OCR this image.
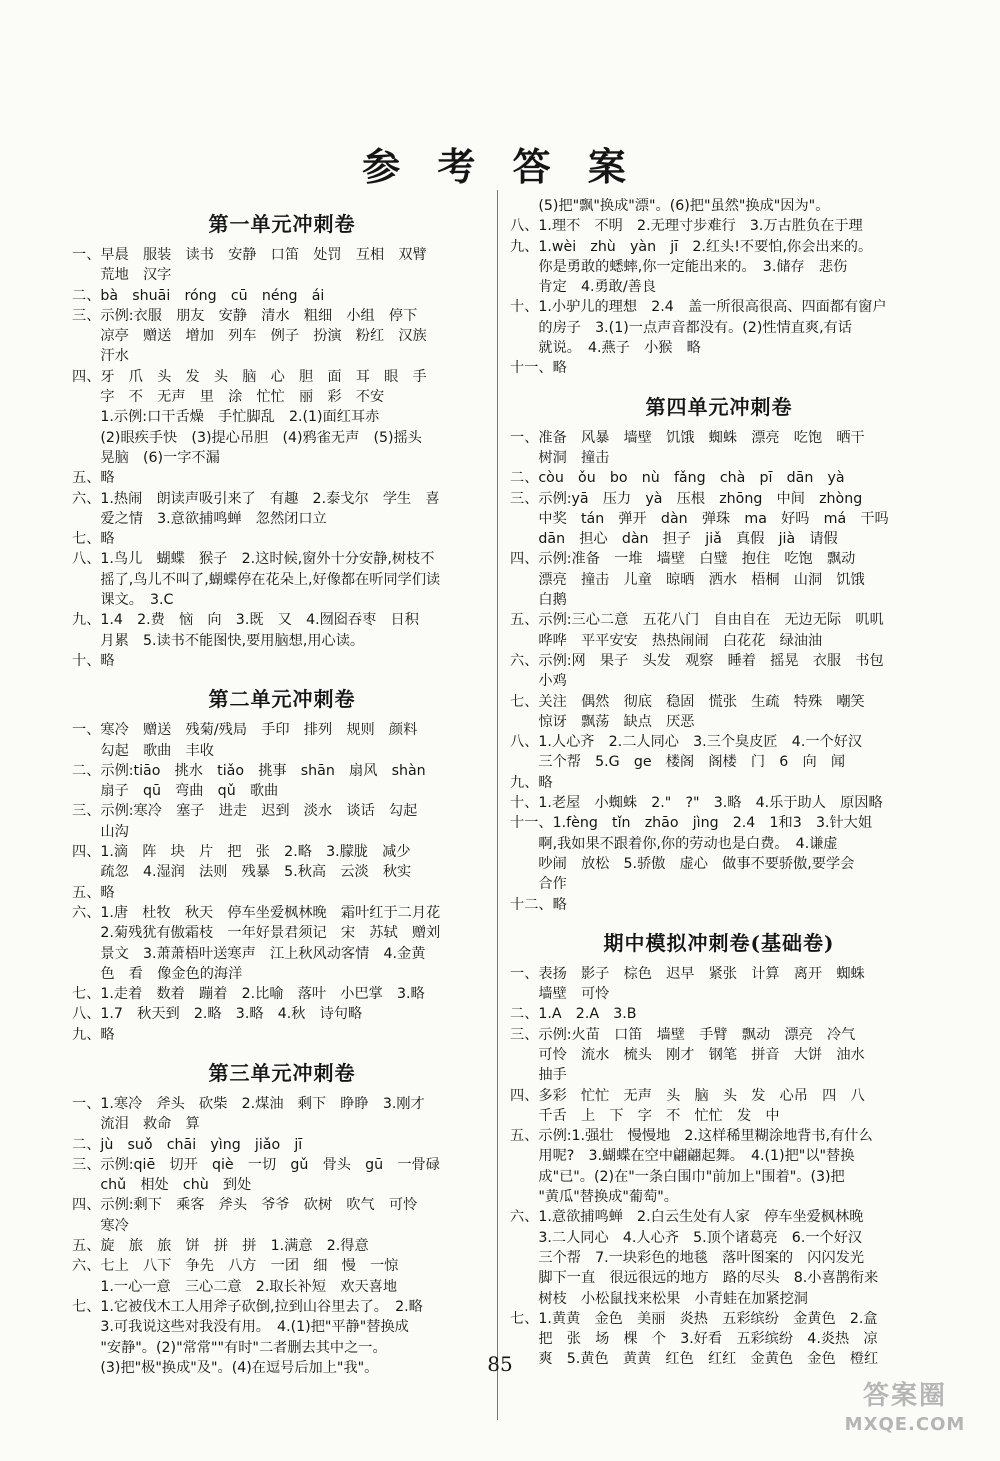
参 考 答 案
第一单元冲刺卷
一、早晨　服装　读书　安静　口笛　处罚　互相　双臂
　　荒地　汉字
二、bà　shuāi　róng　cū　néng　ái
三、示例:衣服　朋友　安静　清水　粗细　小组　停下
　　凉亭　赠送　增加　列车　例子　扮演　粉红　汉族
　　汗水
四、牙　爪　头　发　头　脑　心　胆　面　耳　眼　手
　　字　不　无声　里　涂　忙忙　丽　彩　不安
　　1.示例:口干舌燥　手忙脚乱　2.(1)面红耳赤
　　(2)眼疾手快　(3)提心吊胆　(4)鸦雀无声　(5)摇头
　　晃脑　(6)一字不漏
五、略
六、1.热闹　朗读声吸引来了　有趣　2.泰戈尔　学生　喜
　　爱之情　3.意欲捕鸣蝉　忽然闭口立
七、略
八、1.鸟儿　蝴蝶　猴子　2.这时候,窗外十分安静,树枝不
　　摇了,鸟儿不叫了,蝴蝶停在花朵上,好像都在听同学们读
　　课文。　3.C
九、1.4　2.费　恼　向　3.既　又　4.囫囵吞枣　日积
　　月累　5.读书不能图快,要用脑想,用心读。
十、略
第二单元冲刺卷
一、寒冷　赠送　残菊/残局　手印　排列　规则　颜料
　　勾起　歌曲　丰收
二、示例:tiāo　挑水　tiǎo　挑事　shān　扇风　shàn
　　扇子　qū　弯曲　qǔ　歌曲
三、示例:寒冷　塞子　进走　迟到　淡水　谈话　勾起
　　山沟
四、1.滴　阵　块　片　把　张　2.略　3.朦胧　减少
　　疏忽　4.湿润　法则　残暴　5.秋高　云淡　秋实
五、略
六、1.唐　杜牧　秋天　停车坐爱枫林晚　霜叶红于二月花
　　2.菊残犹有傲霜枝　一年好景君须记　宋　苏轼　赠刘
　　景文　3.萧萧梧叶送寒声　江上秋风动客情　4.金黄
　　色　看　像金色的海洋
七、1.走着　数着　蹦着　2.比喻　落叶　小巴掌　3.略
八、1.7　秋天到　2.略　3.略　4.秋　诗句略
九、略
第三单元冲刺卷
一、1.寒冷　斧头　砍柴　2.煤油　剩下　睁睁　3.刚才
　　流泪　救命　算
二、jù　suǒ　chāi　yìng　jiǎo　jī
三、示例:qiē　切开　qiè　一切　gǔ　骨头　gū　一骨碌
　　chǔ　相处　chù　到处
四、示例:剩下　乘客　斧头　爷爷　砍树　吹气　可怜
　　寒冷
五、旋　旅　旅　饼　拼　拼　1.满意　2.得意
六、七上　八下　争先　八方　一团　细　慢　一惊
　　1.一心一意　三心二意　2.取长补短　欢天喜地
七、1.它被伐木工人用斧子砍倒,拉到山谷里去了。　2.略
　　3.可我说这些对我没有用。　4.(1)把"平静"替换成
　　"安静"。(2)"常常""有时"二者删去其中之一。
　　(3)把"极"换成"及"。(4)在逗号后加上"我"。
　　(5)把"飘"换成"漂"。(6)把"虽然"换成"因为"。
八、1.理不　不明　2.无理寸步难行　3.万古胜负在于理
九、1.wèi　zhù　yàn　jī　2.红头!不要怕,你会出来的。
　　你是勇敢的蟋蟀,你一定能出来的。　3.储存　悲伤
　　肯定　4.勇敢/善良
十、1.小驴儿的理想　2.4　盖一所很高很高、四面都有窗户
　　的房子　3.(1)一点声音都没有。(2)性情直爽,有话
　　就说。　4.燕子　小猴　略
十一、略
第四单元冲刺卷
一、准备　风暴　墙壁　饥饿　蜘蛛　漂亮　吃饱　晒干
　　树洞　撞击
二、còu　ǒu　bo　nù　fǎng　chà　pī　dān　yà
三、示例:yā　压力　yà　压根　zhōng　中间　zhòng
　　中奖　tán　弹开　dàn　弹珠　ma　好吗　má　干吗
　　dān　担心　dàn　担子　jiǎ　真假　jià　请假
四、示例:准备　一堆　墙壁　白璧　抱住　吃饱　飘动
　　漂亮　撞击　儿童　晾晒　洒水　梧桐　山洞　饥饿
　　白鹅
五、示例:三心二意　五花八门　自由自在　无边无际　叽叽
　　哗哗　平平安安　热热闹闹　白花花　绿油油
六、示例:网　果子　头发　观察　睡着　摇晃　衣服　书包
　　小鸡
七、关注　偶然　彻底　稳固　慌张　生疏　特殊　嘲笑
　　惊讶　飘荡　缺点　厌恶
八、1.人心齐　2.二人同心　3.三个臭皮匠　4.一个好汉
　　三个帮　5.G　ge　楼阁　阁楼　门　6　向　闻
九、略
十、1.老屋　小蜘蛛　2."　?"　3.略　4.乐于助人　原因略
十一、1.fèng　tǐn　zhāo　jìng　2.4　1和3　3.针大姐
　　啊,我如果不跟着你,你的劳动也是白费。　4.谦虚
　　吵闹　放松　5.骄傲　虚心　做事不要骄傲,要学会
　　合作
十二、略
期中模拟冲刺卷(基础卷)
一、表扬　影子　棕色　迟早　紧张　计算　离开　蜘蛛
　　墙壁　可怜
二、1.A　2.A　3.B
三、示例:火苗　口笛　墙壁　手臂　飘动　漂亮　冷气
　　可怜　流水　梳头　刚才　钢笔　拼音　大饼　油水
　　抽手
四、多彩　忙忙　无声　头　脑　头　发　心吊　四　八
　　千舌　上　下　字　不　忙忙　发　中
五、示例:1.强壮　慢慢地　2.这样稀里糊涂地背书,有什么
　　用呢?　3.蝴蝶在空中翩翩起舞。　4.(1)把"以"替换
　　成"已"。(2)在"一条白围巾"前加上"围着"。(3)把
　　"黄瓜"替换成"葡萄"。
六、1.意欲捕鸣蝉　2.白云生处有人家　停车坐爱枫林晚
　　3.二人同心　4.人心齐　5.顶个诸葛亮　6.一个好汉
　　三个帮　7.一块彩色的地毯　落叶图案的　闪闪发光
　　脚下一直　很远很远的地方　路的尽头　8.小喜鹊衔来
　　树枝　小松鼠找来松果　小青蛙在加紧挖洞
七、1.黄黄　金色　美丽　炎热　五彩缤纷　金黄色　2.盒
　　把　张　场　棵　个　3.好看　五彩缤纷　4.炎热　凉
　　爽　5.黄色　黄黄　红色　红红　金黄色　金色　橙红
85
答案圈
MXQE.COM
